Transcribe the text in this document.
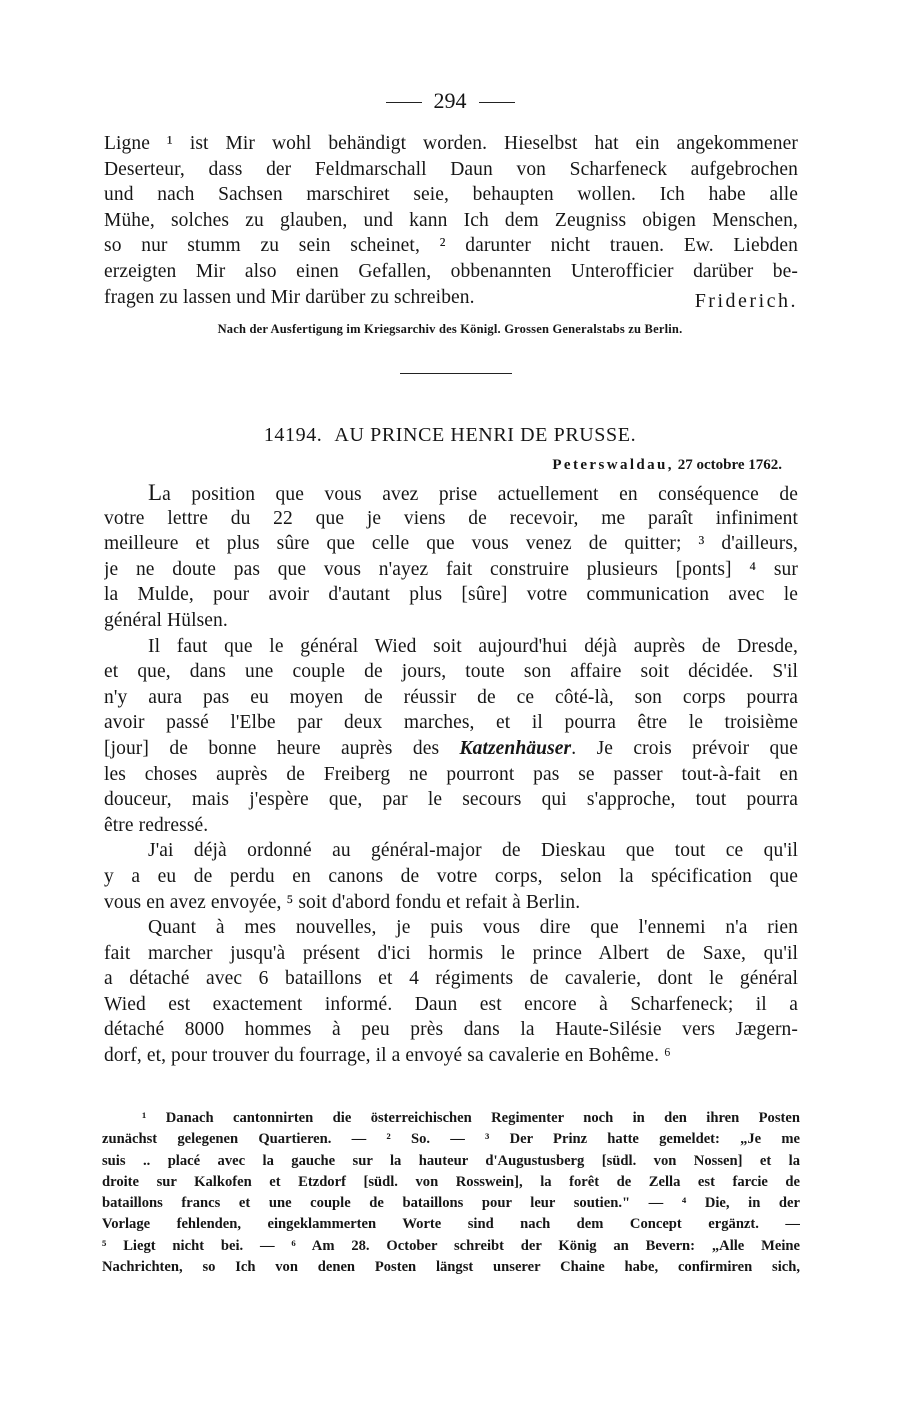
294
Ligne ¹ ist Mir wohl behändigt worden. Hieselbst hat ein angekommener
Deserteur, dass der Feldmarschall Daun von Scharfeneck aufgebrochen
und nach Sachsen marschiret seie, behaupten wollen. Ich habe alle
Mühe, solches zu glauben, und kann Ich dem Zeugniss obigen Menschen,
so nur stumm zu sein scheinet, ² darunter nicht trauen. Ew. Liebden
erzeigten Mir also einen Gefallen, obbenannten Unterofficier darüber be-
fragen zu lassen und Mir darüber zu schreiben.	Friderich.
Nach der Ausfertigung im Kriegsarchiv des Königl. Grossen Generalstabs zu Berlin.
14194. AU PRINCE HENRI DE PRUSSE.
Peterswaldau, 27 octobre 1762.
La position que vous avez prise actuellement en conséquence de
votre lettre du 22 que je viens de recevoir, me paraît infiniment
meilleure et plus sûre que celle que vous venez de quitter; ³ d'ailleurs,
je ne doute pas que vous n'ayez fait construire plusieurs [ponts] ⁴ sur
la Mulde, pour avoir d'autant plus [sûre] votre communication avec le
général Hülsen.
Il faut que le général Wied soit aujourd'hui déjà auprès de Dresde,
et que, dans une couple de jours, toute son affaire soit décidée. S'il
n'y aura pas eu moyen de réussir de ce côté-là, son corps pourra
avoir passé l'Elbe par deux marches, et il pourra être le troisième
[jour] de bonne heure auprès des Katzenhäuser. Je crois prévoir que
les choses auprès de Freiberg ne pourront pas se passer tout-à-fait en
douceur, mais j'espère que, par le secours qui s'approche, tout pourra
être redressé.
J'ai déjà ordonné au général-major de Dieskau que tout ce qu'il
y a eu de perdu en canons de votre corps, selon la spécification que
vous en avez envoyée, ⁵ soit d'abord fondu et refait à Berlin.
Quant à mes nouvelles, je puis vous dire que l'ennemi n'a rien
fait marcher jusqu'à présent d'ici hormis le prince Albert de Saxe, qu'il
a détaché avec 6 bataillons et 4 régiments de cavalerie, dont le général
Wied est exactement informé. Daun est encore à Scharfeneck; il a
détaché 8000 hommes à peu près dans la Haute-Silésie vers Jægern-
dorf, et, pour trouver du fourrage, il a envoyé sa cavalerie en Bohême. ⁶
¹ Danach cantonnirten die österreichischen Regimenter noch in den ihren Posten
zunächst gelegenen Quartieren. — ² So. — ³ Der Prinz hatte gemeldet: „Je me
suis .. placé avec la gauche sur la hauteur d'Augustusberg [südl. von Nossen] et la
droite sur Kalkofen et Etzdorf [südl. von Rosswein], la forêt de Zella est farcie de
bataillons francs et une couple de bataillons pour leur soutien." — ⁴ Die, in der
Vorlage fehlenden, eingeklammerten Worte sind nach dem Concept ergänzt. —
⁵ Liegt nicht bei. — ⁶ Am 28. October schreibt der König an Bevern: „Alle Meine
Nachrichten, so Ich von denen Posten längst unserer Chaine habe, confirmiren sich,
